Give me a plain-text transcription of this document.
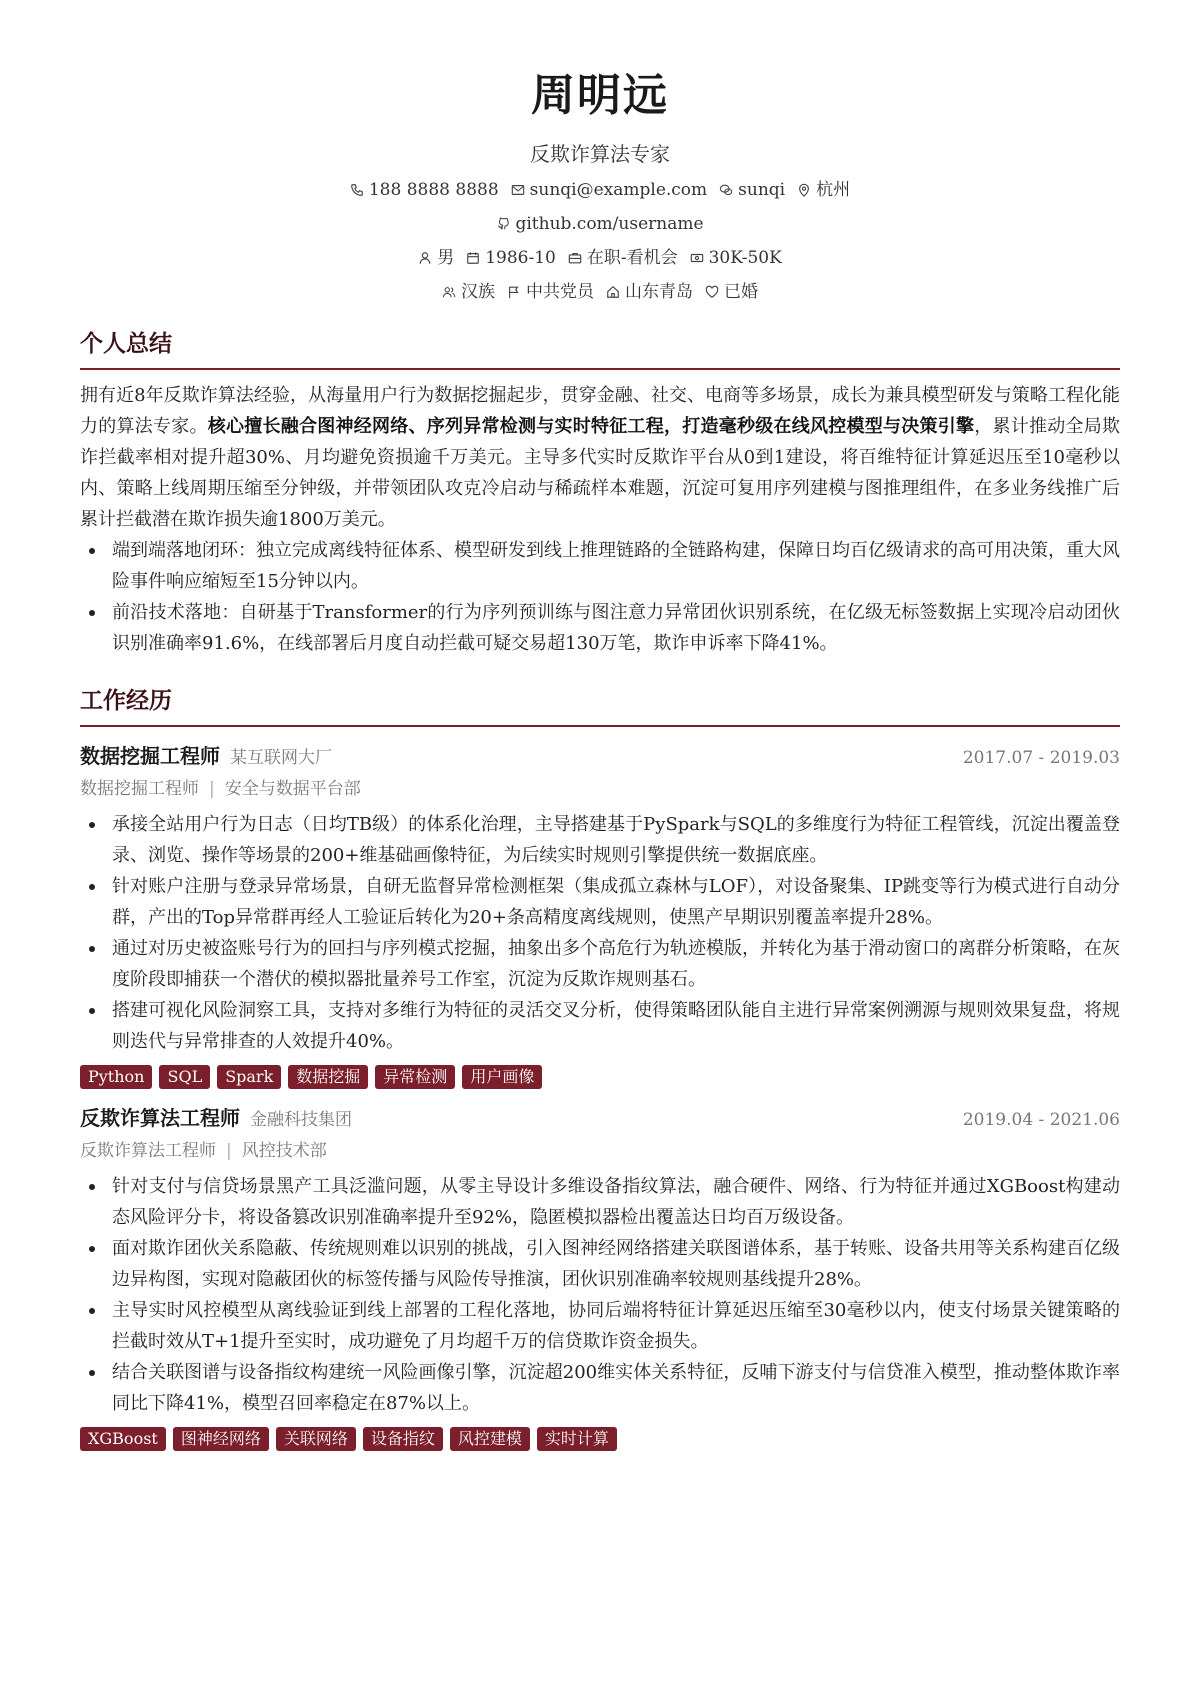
周明远
反欺诈算法专家
188 8888 8888 sunqi@example.com sunqi 杭州
github.com/username
男 1986-10 在职-看机会 30K-50K
汉族 中共党员 山东青岛 已婚
个人总结
拥有近8年反欺诈算法经验，从海量用户行为数据挖掘起步，贯穿金融、社交、电商等多场景，成长为兼具模型研发与策略工程化能力的算法专家。核心擅长融合图神经网络、序列异常检测与实时特征工程，打造毫秒级在线风控模型与决策引擎，累计推动全局欺诈拦截率相对提升超30%、月均避免资损逾千万美元。主导多代实时反欺诈平台从0到1建设，将百维特征计算延迟压至10毫秒以内、策略上线周期压缩至分钟级，并带领团队攻克冷启动与稀疏样本难题，沉淀可复用序列建模与图推理组件，在多业务线推广后累计拦截潜在欺诈损失逾1800万美元。
端到端落地闭环：独立完成离线特征体系、模型研发到线上推理链路的全链路构建，保障日均百亿级请求的高可用决策，重大风险事件响应缩短至15分钟以内。
前沿技术落地：自研基于Transformer的行为序列预训练与图注意力异常团伙识别系统，在亿级无标签数据上实现冷启动团伙识别准确率91.6%，在线部署后月度自动拦截可疑交易超130万笔，欺诈申诉率下降41%。
工作经历
数据挖掘工程师 某互联网大厂	2017.07 - 2019.03
数据挖掘工程师 | 安全与数据平台部
承接全站用户行为日志（日均TB级）的体系化治理，主导搭建基于PySpark与SQL的多维度行为特征工程管线，沉淀出覆盖登录、浏览、操作等场景的200+维基础画像特征，为后续实时规则引擎提供统一数据底座。
针对账户注册与登录异常场景，自研无监督异常检测框架（集成孤立森林与LOF），对设备聚集、IP跳变等行为模式进行自动分群，产出的Top异常群再经人工验证后转化为20+条高精度离线规则，使黑产早期识别覆盖率提升28%。
通过对历史被盗账号行为的回扫与序列模式挖掘，抽象出多个高危行为轨迹模版，并转化为基于滑动窗口的离群分析策略，在灰度阶段即捕获一个潜伏的模拟器批量养号工作室，沉淀为反欺诈规则基石。
搭建可视化风险洞察工具，支持对多维行为特征的灵活交叉分析，使得策略团队能自主进行异常案例溯源与规则效果复盘，将规则迭代与异常排查的人效提升40%。
Python	SQL	Spark	数据挖掘	异常检测	用户画像
反欺诈算法工程师 金融科技集团	2019.04 - 2021.06
反欺诈算法工程师 | 风控技术部
针对支付与信贷场景黑产工具泛滥问题，从零主导设计多维设备指纹算法，融合硬件、网络、行为特征并通过XGBoost构建动态风险评分卡，将设备篡改识别准确率提升至92%，隐匿模拟器检出覆盖达日均百万级设备。
面对欺诈团伙关系隐蔽、传统规则难以识别的挑战，引入图神经网络搭建关联图谱体系，基于转账、设备共用等关系构建百亿级边异构图，实现对隐蔽团伙的标签传播与风险传导推演，团伙识别准确率较规则基线提升28%。
主导实时风控模型从离线验证到线上部署的工程化落地，协同后端将特征计算延迟压缩至30毫秒以内，使支付场景关键策略的拦截时效从T+1提升至实时，成功避免了月均超千万的信贷欺诈资金损失。
结合关联图谱与设备指纹构建统一风险画像引擎，沉淀超200维实体关系特征，反哺下游支付与信贷准入模型，推动整体欺诈率同比下降41%，模型召回率稳定在87%以上。
XGBoost	图神经网络	关联网络	设备指纹	风控建模	实时计算
